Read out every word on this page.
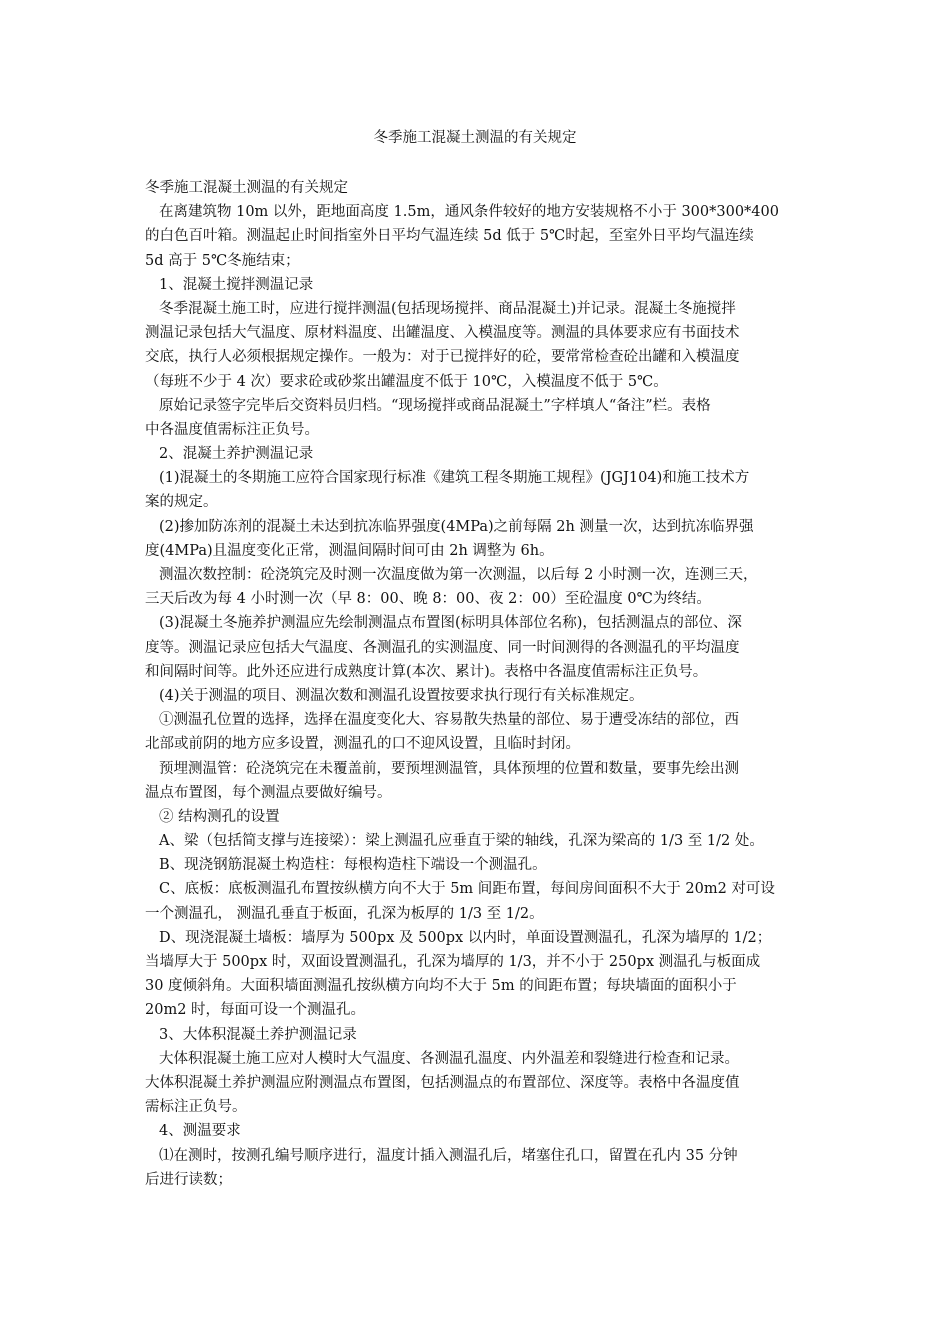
冬季施工混凝土测温的有关规定
冬季施工混凝土测温的有关规定
在离建筑物 10m 以外，距地面高度 1.5m，通风条件较好的地方安装规格不小于 300*300*400
的白色百叶箱。测温起止时间指室外日平均气温连续 5d 低于 5℃时起，至室外日平均气温连续
5d 高于 5℃冬施结束；
1、混凝土搅拌测温记录
冬季混凝土施工时，应进行搅拌测温(包括现场搅拌、商品混凝土)并记录。混凝土冬施搅拌
测温记录包括大气温度、原材料温度、出罐温度、入模温度等。测温的具体要求应有书面技术
交底，执行人必须根据规定操作。一般为：对于已搅拌好的砼，要常常检查砼出罐和入模温度
（每班不少于 4 次）要求砼或砂浆出罐温度不低于 10℃，入模温度不低于 5℃。
原始记录签字完毕后交资料员归档。“现场搅拌或商品混凝土”字样填人“备注”栏。表格
中各温度值需标注正负号。
2、混凝土养护测温记录
(1)混凝土的冬期施工应符合国家现行标准《建筑工程冬期施工规程》(JGJ104)和施工技术方
案的规定。
(2)掺加防冻剂的混凝土未达到抗冻临界强度(4MPa)之前每隔 2h 测量一次，达到抗冻临界强
度(4MPa)且温度变化正常，测温间隔时间可由 2h 调整为 6h。
测温次数控制：砼浇筑完及时测一次温度做为第一次测温，以后每 2 小时测一次，连测三天，
三天后改为每 4 小时测一次（早 8：00、晚 8：00、夜 2：00）至砼温度 0℃为终结。
(3)混凝土冬施养护测温应先绘制测温点布置图(标明具体部位名称)，包括测温点的部位、深
度等。测温记录应包括大气温度、各测温孔的实测温度、同一时间测得的各测温孔的平均温度
和间隔时间等。此外还应进行成熟度计算(本次、累计)。表格中各温度值需标注正负号。
(4)关于测温的项目、测温次数和测温孔设置按要求执行现行有关标准规定。
①测温孔位置的选择，选择在温度变化大、容易散失热量的部位、易于遭受冻结的部位，西
北部或前阴的地方应多设置，测温孔的口不迎风设置，且临时封闭。
预埋测温管：砼浇筑完在未覆盖前，要预埋测温管，具体预埋的位置和数量，要事先绘出测
温点布置图，每个测温点要做好编号。
② 结构测孔的设置
A、梁（包括简支撑与连接梁）：梁上测温孔应垂直于梁的轴线，孔深为梁高的 1/3 至 1/2 处。
B、现浇钢筋混凝土构造柱：每根构造柱下端设一个测温孔。
C、底板：底板测温孔布置按纵横方向不大于 5m 间距布置，每间房间面积不大于 20m2 对可设
一个测温孔， 测温孔垂直于板面，孔深为板厚的 1/3 至 1/2。
D、现浇混凝土墙板：墙厚为 500px 及 500px 以内时，单面设置测温孔，孔深为墙厚的 1/2；
当墙厚大于 500px 时，双面设置测温孔，孔深为墙厚的 1/3，并不小于 250px 测温孔与板面成
30 度倾斜角。大面积墙面测温孔按纵横方向均不大于 5m 的间距布置；每块墙面的面积小于
20m2 时，每面可设一个测温孔。
3、大体积混凝土养护测温记录
大体积混凝土施工应对人模时大气温度、各测温孔温度、内外温差和裂缝进行检查和记录。
大体积混凝土养护测温应附测温点布置图，包括测温点的布置部位、深度等。表格中各温度值
需标注正负号。
4、测温要求
⑴在测时，按测孔编号顺序进行，温度计插入测温孔后，堵塞住孔口，留置在孔内 35 分钟
后进行读数；
